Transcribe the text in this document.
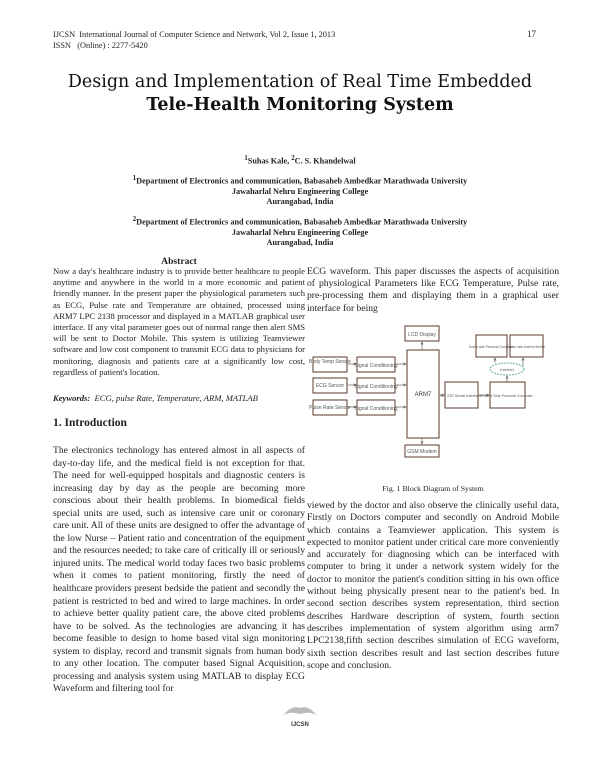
IJCSN International Journal of Computer Science and Network, Vol 2, Issue 1, 2013
ISSN (Online) : 2277-5420
17
Design and Implementation of Real Time Embedded
Tele-Health Monitoring System
$^1$Suhas Kale, $^2$C. S. Khandelwal
$^1$Department of Electronics and communication, Babasaheb Ambedkar Marathwada University
Jawaharlal Nehru Engineering College
Aurangabad, India
$^2$Department of Electronics and communication, Babasaheb Ambedkar Marathwada University
Jawaharlal Nehru Engineering College
Aurangabad, India
Abstract
Now a day's healthcare industry is to provide better healthcare to people anytime and anywhere in the world in a more economic and patient friendly manner. In the present paper the physiological parameters such as ECG, Pulse rate and Temperature are obtained, processed using ARM7 LPC 2138 processor and displayed in a MATLAB graphical user interface. If any vital parameter goes out of normal range then alert SMS will be sent to Doctor Mobile. This system is utilizing Teamviewer software and low cost component to transmit ECG data to physicians for monitoring, diagnosis and patients care at a significantly low cost, regardless of patient's location.
Keywords: ECG, pulse Rate, Temperature, ARM, MATLAB
1. Introduction
The electronics technology has entered almost in all aspects of day-to-day life, and the medical field is not exception for that. The need for well-equipped hospitals and diagnostic centers is increasing day by day as the people are becoming more conscious about their health problems. In biomedical fields special units are used, such as intensive care unit or coronary care unit. All of these units are designed to offer the advantage of the low Nurse – Patient ratio and concentration of the equipment and the resources needed; to take care of critically ill or seriously injured units. The medical world today faces two basic problems when it comes to patient monitoring, firstly the need of healthcare providers present bedside the patient and secondly the patient is restricted to bed and wired to large machines. In order to achieve better quality patient care, the above cited problems have to be solved. As the technologies are advancing it has become feasible to design to home based vital sign monitoring system to display, record and transmit signals from human body to any other location. The computer based Signal Acquisition, processing and analysis system using MATLAB to display ECG Waveform and filtering tool for
ECG waveform. This paper discusses the aspects of acquisition of physiological Parameters like ECG Temperature, Pulse rate, pre-processing them and displaying them in a graphical user interface for being
Body Temp Sensor
ECG Sensor
Pulse Rate Sensor
Signal Conditioning
Signal Conditioning
Signal Conditioning
ARM7
LCD Display
GSM Modem
RS 232 Serial Interface Patient Side Personal Computer
Internet
Doctor side Personal Computer
Doctor side Android Mobile
Fig. 1 Block Diagram of System
viewed by the doctor and also observe the clinically useful data, Firstly on Doctors computer and secondly on Android Mobile which contains a Teamviewer application. This system is expected to monitor patient under critical care more conveniently and accurately for diagnosing which can be interfaced with computer to bring it under a network system widely for the doctor to monitor the patient's condition sitting in his own office without being physically present near to the patient's bed. In second section describes system representation, third section describes Hardware description of system, fourth section describes implementation of system algorithm using arm7 LPC2138,fifth section describes simulation of ECG waveform, sixth section describes result and last section describes future scope and conclusion.
IJCSN
